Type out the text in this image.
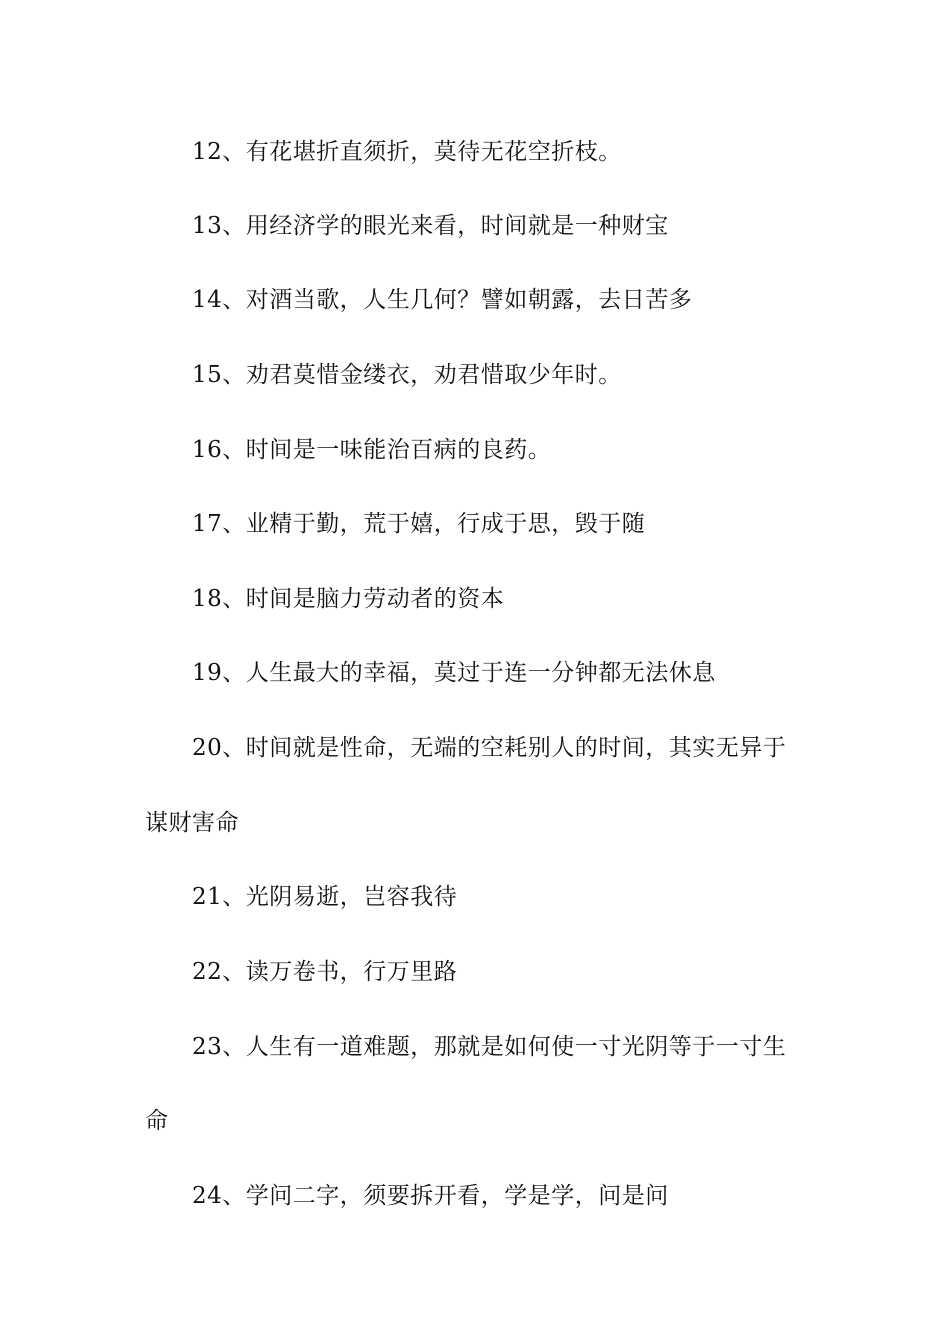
12、有花堪折直须折，莫待无花空折枝。

13、用经济学的眼光来看，时间就是一种财宝

14、对酒当歌，人生几何？譬如朝露，去日苦多

15、劝君莫惜金缕衣，劝君惜取少年时。

16、时间是一味能治百病的良药。

17、业精于勤，荒于嬉，行成于思，毁于随

18、时间是脑力劳动者的资本

19、人生最大的幸福，莫过于连一分钟都无法休息

20、时间就是性命，无端的空耗别人的时间，其实无异于

谋财害命

21、光阴易逝，岂容我待

22、读万卷书，行万里路

23、人生有一道难题，那就是如何使一寸光阴等于一寸生

命

24、学问二字，须要拆开看，学是学，问是问
